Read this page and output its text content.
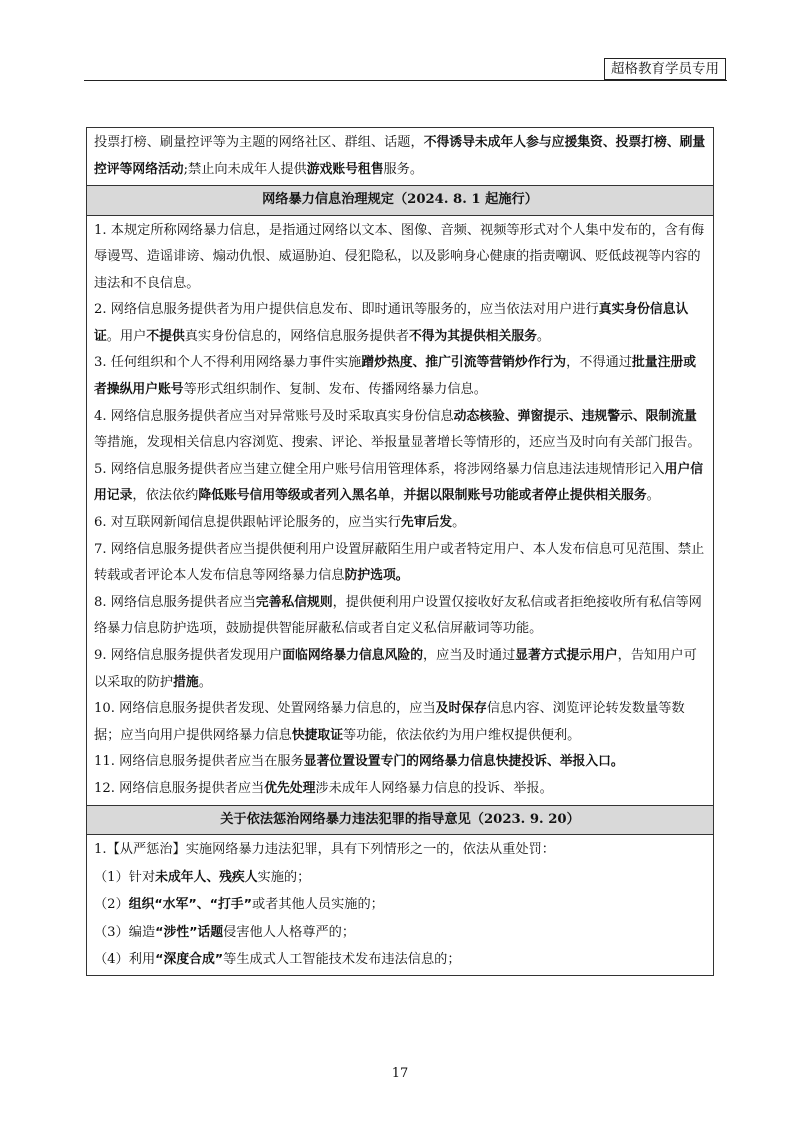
超格教育学员专用

投票打榜、刷量控评等为主题的网络社区、群组、话题，不得诱导未成年人参与应援集资、投票打榜、刷量控评等网络活动;禁止向未成年人提供游戏账号租售服务。

网络暴力信息治理规定（2024. 8. 1 起施行）

1. 本规定所称网络暴力信息，是指通过网络以文本、图像、音频、视频等形式对个人集中发布的，含有侮辱谩骂、造谣诽谤、煽动仇恨、威逼胁迫、侵犯隐私，以及影响身心健康的指责嘲讽、贬低歧视等内容的违法和不良信息。

2. 网络信息服务提供者为用户提供信息发布、即时通讯等服务的，应当依法对用户进行真实身份信息认证。用户不提供真实身份信息的，网络信息服务提供者不得为其提供相关服务。

3. 任何组织和个人不得利用网络暴力事件实施蹭炒热度、推广引流等营销炒作行为，不得通过批量注册或者操纵用户账号等形式组织制作、复制、发布、传播网络暴力信息。

4. 网络信息服务提供者应当对异常账号及时采取真实身份信息动态核验、弹窗提示、违规警示、限制流量等措施，发现相关信息内容浏览、搜索、评论、举报量显著增长等情形的，还应当及时向有关部门报告。

5. 网络信息服务提供者应当建立健全用户账号信用管理体系，将涉网络暴力信息违法违规情形记入用户信用记录，依法依约降低账号信用等级或者列入黑名单，并据以限制账号功能或者停止提供相关服务。

6. 对互联网新闻信息提供跟帖评论服务的，应当实行先审后发。

7. 网络信息服务提供者应当提供便利用户设置屏蔽陌生用户或者特定用户、本人发布信息可见范围、禁止转载或者评论本人发布信息等网络暴力信息防护选项。

8. 网络信息服务提供者应当完善私信规则，提供便利用户设置仅接收好友私信或者拒绝接收所有私信等网络暴力信息防护选项，鼓励提供智能屏蔽私信或者自定义私信屏蔽词等功能。

9. 网络信息服务提供者发现用户面临网络暴力信息风险的，应当及时通过显著方式提示用户，告知用户可以采取的防护措施。

10. 网络信息服务提供者发现、处置网络暴力信息的，应当及时保存信息内容、浏览评论转发数量等数据；应当向用户提供网络暴力信息快捷取证等功能，依法依约为用户维权提供便利。

11. 网络信息服务提供者应当在服务显著位置设置专门的网络暴力信息快捷投诉、举报入口。

12. 网络信息服务提供者应当优先处理涉未成年人网络暴力信息的投诉、举报。

关于依法惩治网络暴力违法犯罪的指导意见（2023. 9. 20）

1.【从严惩治】实施网络暴力违法犯罪，具有下列情形之一的，依法从重处罚：

（1）针对未成年人、残疾人实施的；

（2）组织“水军”、“打手”或者其他人员实施的；

（3）编造“涉性”话题侵害他人人格尊严的；

（4）利用“深度合成”等生成式人工智能技术发布违法信息的；

17
